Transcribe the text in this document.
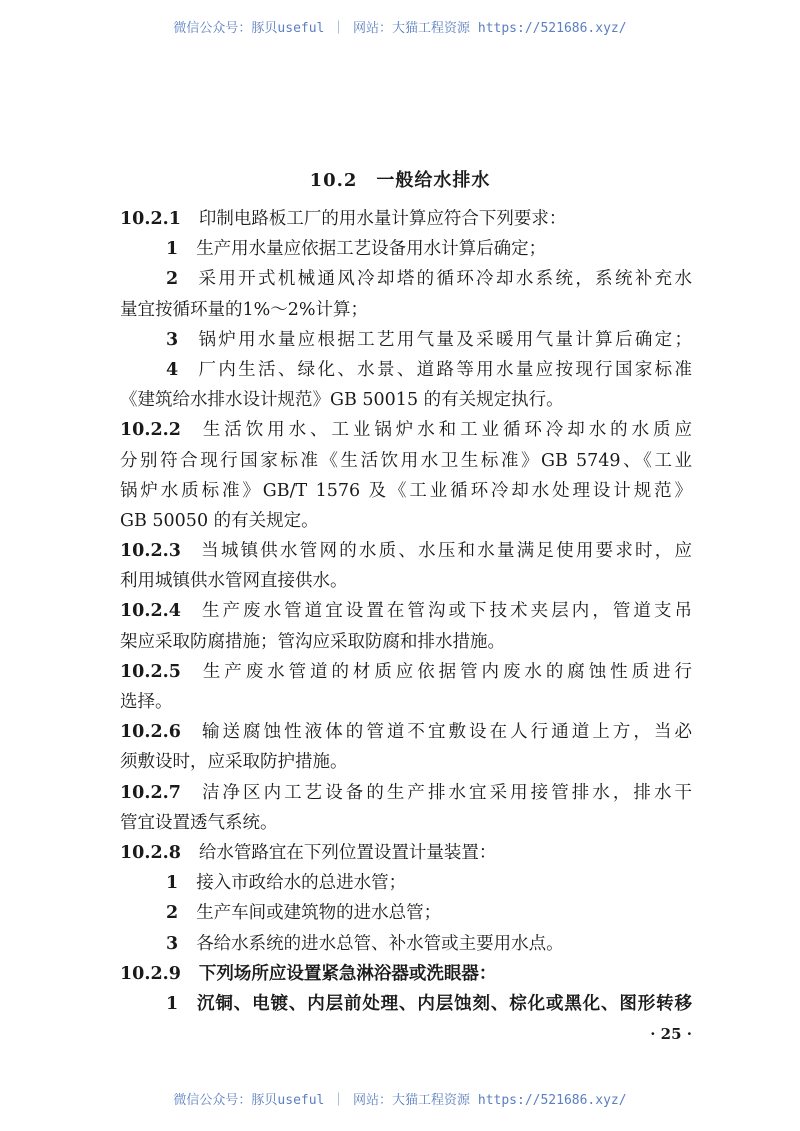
微信公众号：豚贝useful ｜ 网站：大猫工程资源 https://521686.xyz/
10.2　一般给水排水
10.2.1 印制电路板工厂的用水量计算应符合下列要求：
1 生产用水量应依据工艺设备用水计算后确定；
2 采用开式机械通风冷却塔的循环冷却水系统，系统补充水
量宜按循环量的1%～2%计算；
3 锅炉用水量应根据工艺用气量及采暖用气量计算后确定；
4 厂内生活、绿化、水景、道路等用水量应按现行国家标准
《建筑给水排水设计规范》GB 50015 的有关规定执行。
10.2.2 生活饮用水、工业锅炉水和工业循环冷却水的水质应
分别符合现行国家标准《生活饮用水卫生标准》GB 5749、《工业
锅炉水质标准》GB/T 1576 及《工业循环冷却水处理设计规范》
GB 50050 的有关规定。
10.2.3 当城镇供水管网的水质、水压和水量满足使用要求时，应
利用城镇供水管网直接供水。
10.2.4 生产废水管道宜设置在管沟或下技术夹层内，管道支吊
架应采取防腐措施；管沟应采取防腐和排水措施。
10.2.5 生产废水管道的材质应依据管内废水的腐蚀性质进行
选择。
10.2.6 输送腐蚀性液体的管道不宜敷设在人行通道上方，当必
须敷设时，应采取防护措施。
10.2.7 洁净区内工艺设备的生产排水宜采用接管排水，排水干
管宜设置透气系统。
10.2.8 给水管路宜在下列位置设置计量装置：
1 接入市政给水的总进水管；
2 生产车间或建筑物的进水总管；
3 各给水系统的进水总管、补水管或主要用水点。
10.2.9 下列场所应设置紧急淋浴器或洗眼器：
1 沉铜、电镀、内层前处理、内层蚀刻、棕化或黑化、图形转移
· 25 ·
微信公众号：豚贝useful ｜ 网站：大猫工程资源 https://521686.xyz/
